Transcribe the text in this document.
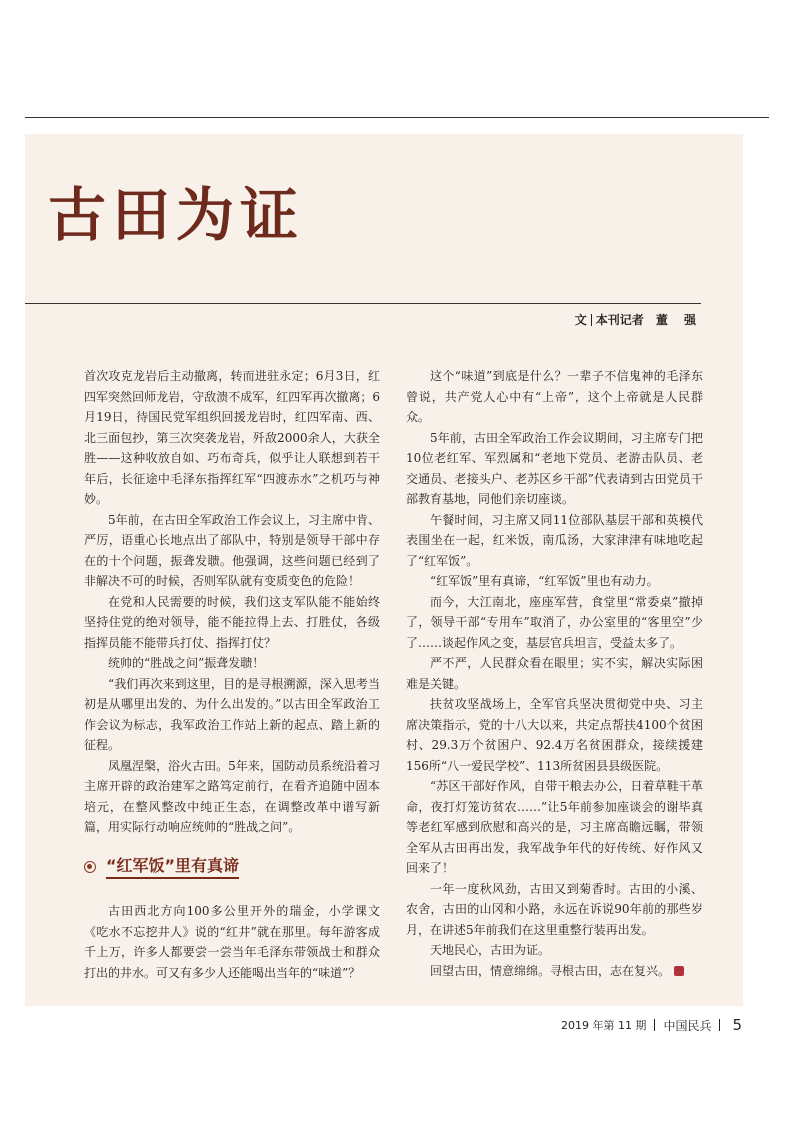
古田为证
文 本刊记者 董 强

首次攻克龙岩后主动撤离，转而进驻永定；6月3日，红四军突然回师龙岩，守敌溃不成军，红四军再次撤离；6月19日，待国民党军组织回援龙岩时，红四军南、西、北三面包抄，第三次突袭龙岩，歼敌2000余人，大获全胜——这种收放自如、巧布奇兵，似乎让人联想到若干年后，长征途中毛泽东指挥红军“四渡赤水”之机巧与神妙。

5年前，在古田全军政治工作会议上，习主席中肯、严厉，语重心长地点出了部队中，特别是领导干部中存在的十个问题，振聋发聩。他强调，这些问题已经到了非解决不可的时候，否则军队就有变质变色的危险！

在党和人民需要的时候，我们这支军队能不能始终坚持住党的绝对领导，能不能拉得上去、打胜仗，各级指挥员能不能带兵打仗、指挥打仗？

统帅的“胜战之问”振聋发聩！

“我们再次来到这里，目的是寻根溯源，深入思考当初是从哪里出发的、为什么出发的。”以古田全军政治工作会议为标志，我军政治工作站上新的起点、踏上新的征程。

凤凰涅槃，浴火古田。5年来，国防动员系统沿着习主席开辟的政治建军之路笃定前行，在看齐追随中固本培元，在整风整改中纯正生态，在调整改革中谱写新篇，用实际行动响应统帅的“胜战之问”。

“红军饭”里有真谛

古田西北方向100多公里开外的瑞金，小学课文《吃水不忘挖井人》说的“红井”就在那里。每年游客成千上万，许多人都要尝一尝当年毛泽东带领战士和群众打出的井水。可又有多少人还能喝出当年的“味道”？

这个“味道”到底是什么？一辈子不信鬼神的毛泽东曾说，共产党人心中有“上帝”，这个上帝就是人民群众。

5年前，古田全军政治工作会议期间，习主席专门把10位老红军、军烈属和“老地下党员、老游击队员、老交通员、老接头户、老苏区乡干部”代表请到古田党员干部教育基地，同他们亲切座谈。

午餐时间，习主席又同11位部队基层干部和英模代表围坐在一起，红米饭，南瓜汤，大家津津有味地吃起了“红军饭”。

“红军饭”里有真谛，“红军饭”里也有动力。

而今，大江南北，座座军营，食堂里“常委桌”撤掉了，领导干部“专用车”取消了，办公室里的“客里空”少了……谈起作风之变，基层官兵坦言，受益太多了。

严不严，人民群众看在眼里；实不实，解决实际困难是关键。

扶贫攻坚战场上，全军官兵坚决贯彻党中央、习主席决策指示，党的十八大以来，共定点帮扶4100个贫困村、29.3万个贫困户、92.4万名贫困群众，接续援建156所“八一爱民学校”、113所贫困县县级医院。

“苏区干部好作风，自带干粮去办公，日着草鞋干革命，夜打灯笼访贫农……”让5年前参加座谈会的谢毕真等老红军感到欣慰和高兴的是，习主席高瞻远瞩，带领全军从古田再出发，我军战争年代的好传统、好作风又回来了！

一年一度秋风劲，古田又到菊香时。古田的小溪、农舍，古田的山冈和小路，永远在诉说90年前的那些岁月，在讲述5年前我们在这里重整行装再出发。

天地民心，古田为证。

回望古田，情意绵绵。寻根古田，志在复兴。

2019 年第 11 期 中国民兵 5
